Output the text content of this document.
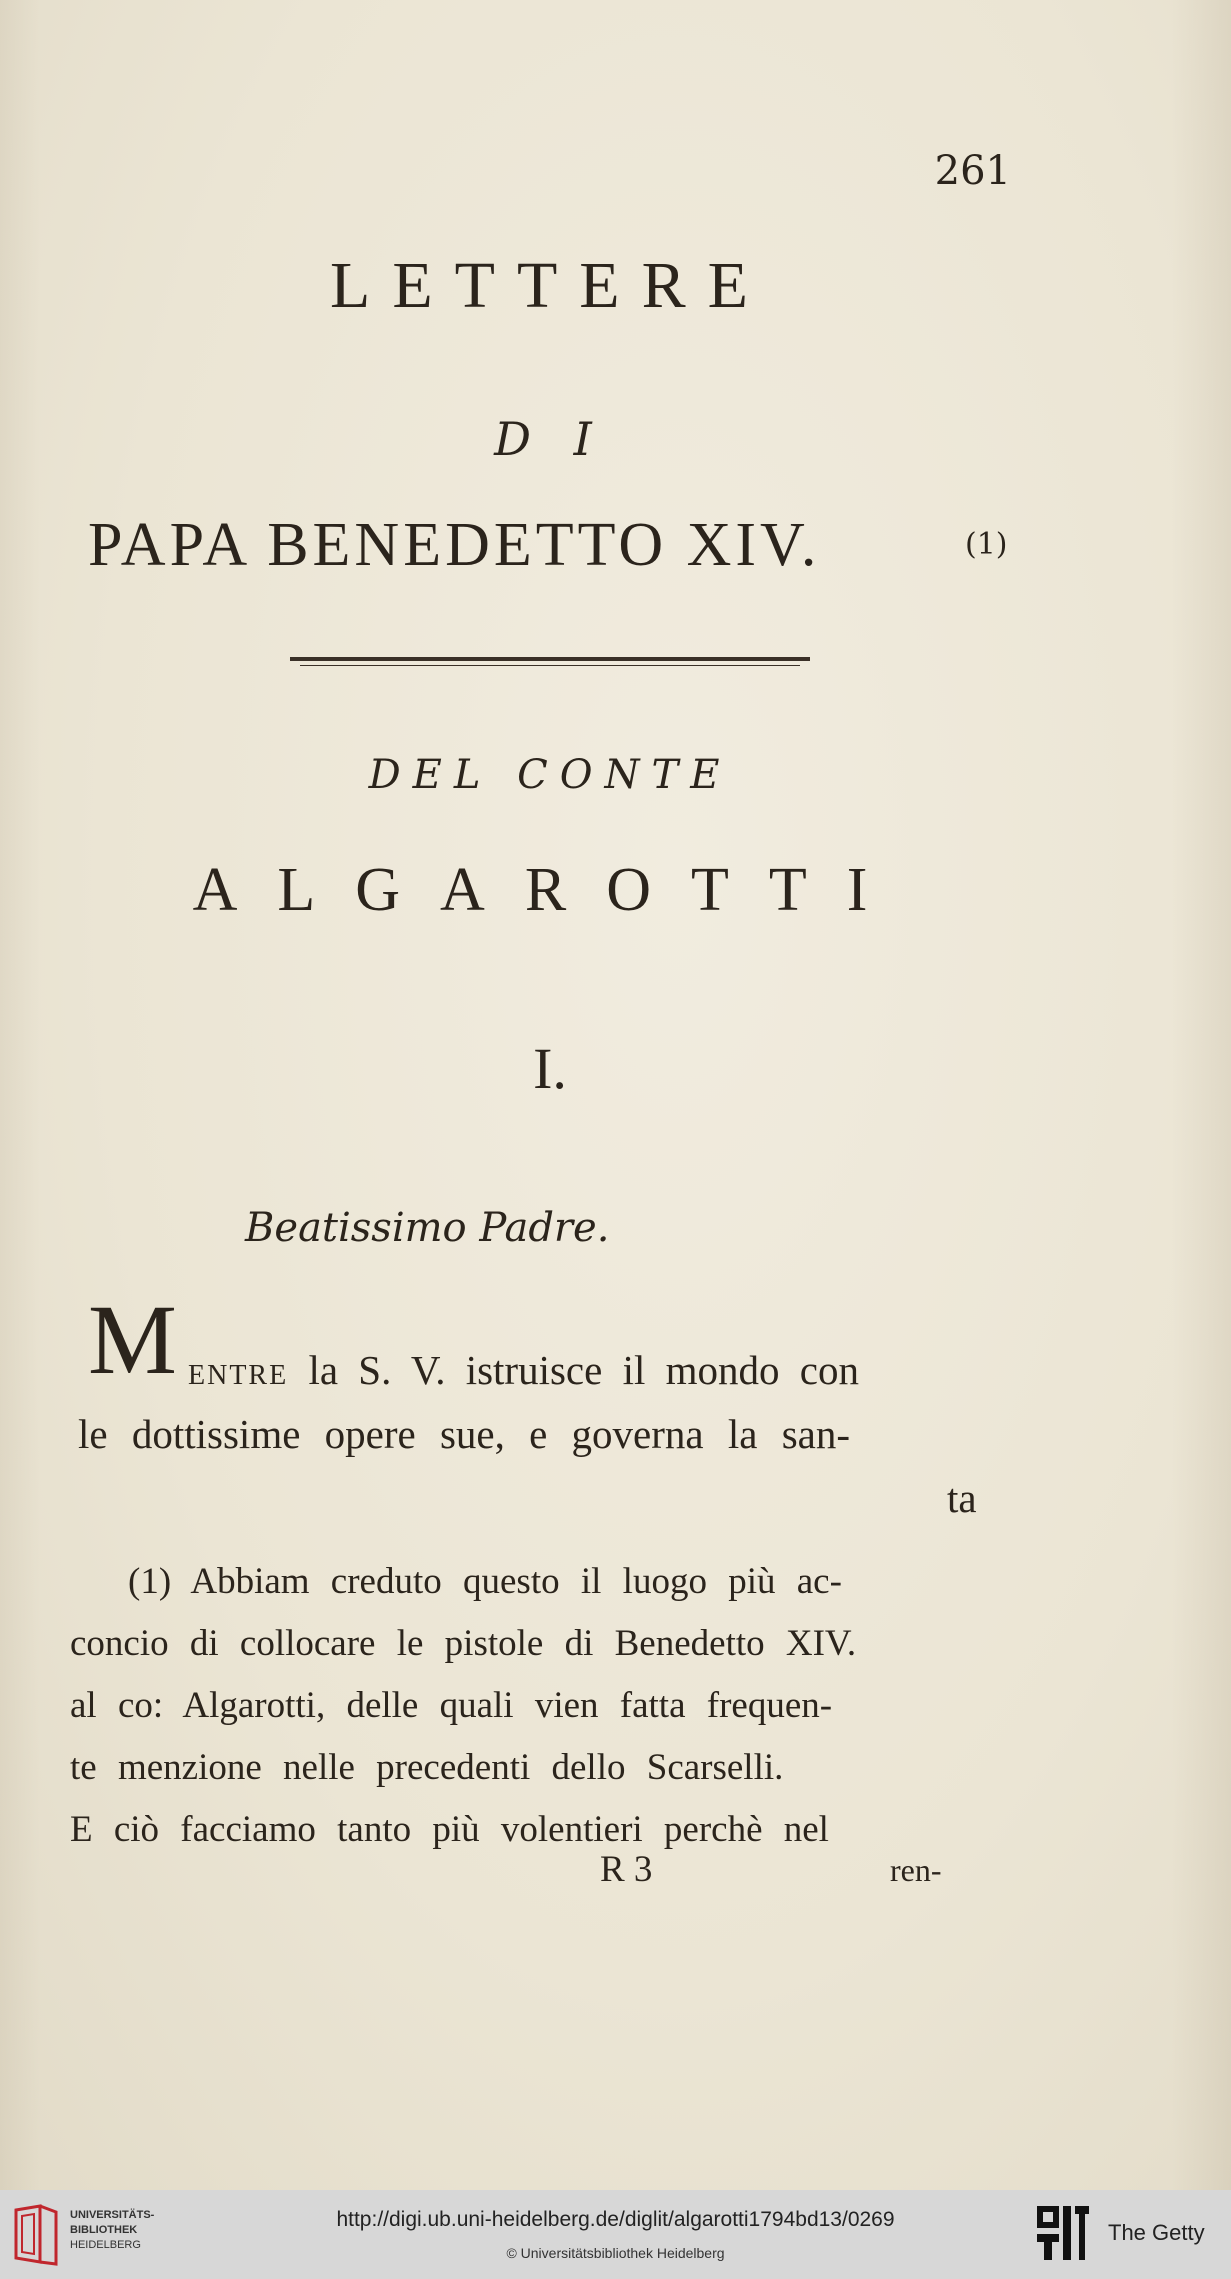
261
LETTERE
D I
PAPA BENEDETTO XIV.	(1)
DEL CONTE
ALGAROTTI
I.
Beatissimo Padre.
M ENTRE la S. V. istruisce il mondo con
le dottissime opere sue, e governa la san-
ta
(1) Abbiam creduto questo il luogo più ac-
concio di collocare le pistole di Benedetto XIV.
al co: Algarotti, delle quali vien fatta frequen-
te menzione nelle precedenti dello Scarselli.
E ciò facciamo tanto più volentieri perchè nel
R 3	ren-
UNIVERSITÄTS-
BIBLIOTHEK
HEIDELBERG
http://digi.ub.uni-heidelberg.de/diglit/algarotti1794bd13/0269
© Universitätsbibliothek Heidelberg
The Getty
